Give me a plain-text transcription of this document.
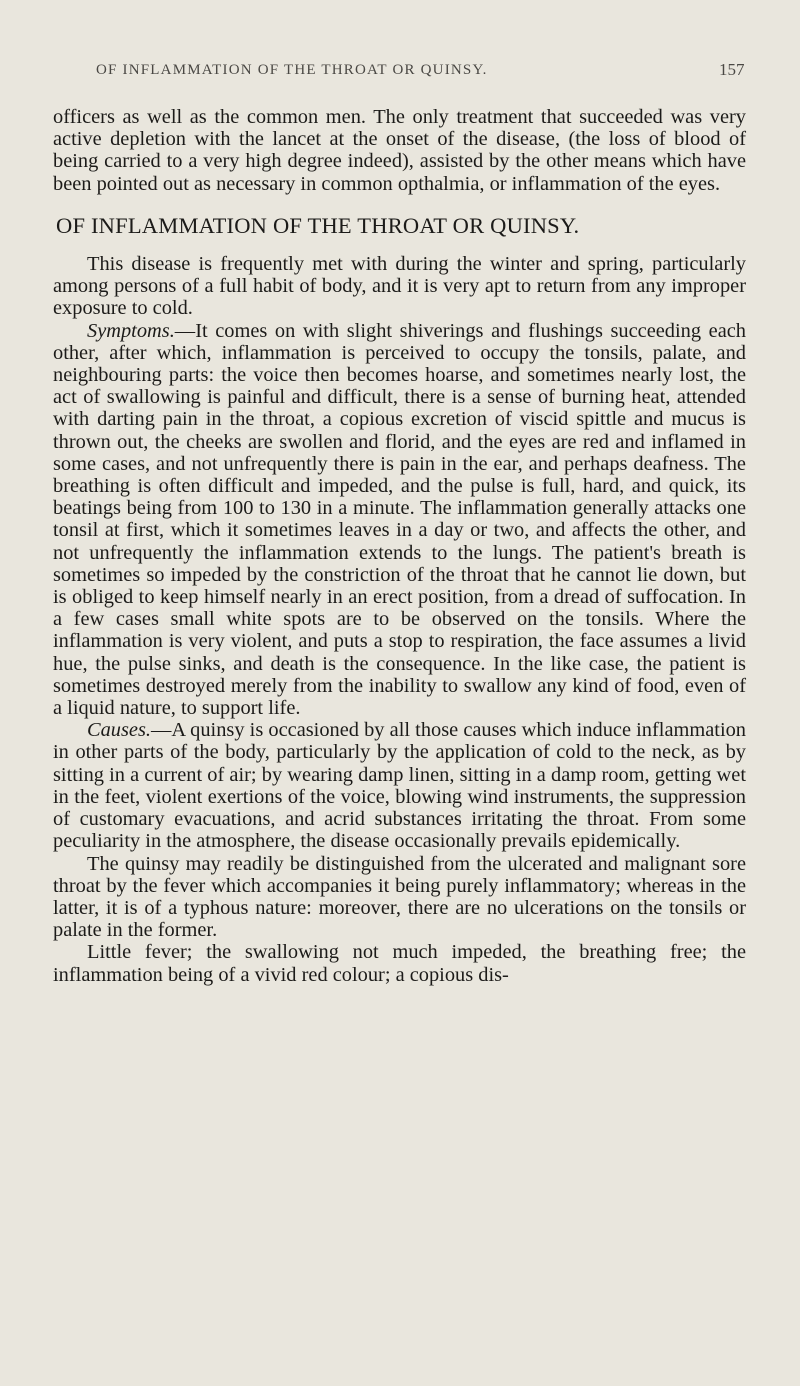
OF INFLAMMATION OF THE THROAT OR QUINSY.	157

officers as well as the common men. The only treatment that succeeded was very active depletion with the lancet at the onset of the disease, (the loss of blood of being carried to a very high degree indeed), assisted by the other means which have been pointed out as necessary in common opthalmia, or inflammation of the eyes.

OF INFLAMMATION OF THE THROAT OR QUINSY.

This disease is frequently met with during the winter and spring, particularly among persons of a full habit of body, and it is very apt to return from any improper exposure to cold.

Symptoms.—It comes on with slight shiverings and flushings succeeding each other, after which, inflammation is perceived to occupy the tonsils, palate, and neighbouring parts: the voice then becomes hoarse, and sometimes nearly lost, the act of swallowing is painful and difficult, there is a sense of burning heat, attended with darting pain in the throat, a copious excretion of viscid spittle and mucus is thrown out, the cheeks are swollen and florid, and the eyes are red and inflamed in some cases, and not unfrequently there is pain in the ear, and perhaps deafness. The breathing is often difficult and impeded, and the pulse is full, hard, and quick, its beatings being from 100 to 130 in a minute. The inflammation generally attacks one tonsil at first, which it sometimes leaves in a day or two, and affects the other, and not unfrequently the inflammation extends to the lungs. The patient's breath is sometimes so impeded by the constriction of the throat that he cannot lie down, but is obliged to keep himself nearly in an erect position, from a dread of suffocation. In a few cases small white spots are to be observed on the tonsils. Where the inflammation is very violent, and puts a stop to respiration, the face assumes a livid hue, the pulse sinks, and death is the consequence. In the like case, the patient is sometimes destroyed merely from the inability to swallow any kind of food, even of a liquid nature, to support life.

Causes.—A quinsy is occasioned by all those causes which induce inflammation in other parts of the body, particularly by the application of cold to the neck, as by sitting in a current of air; by wearing damp linen, sitting in a damp room, getting wet in the feet, violent exertions of the voice, blowing wind instruments, the suppression of customary evacuations, and acrid substances irritating the throat. From some peculiarity in the atmosphere, the disease occasionally prevails epidemically.

The quinsy may readily be distinguished from the ulcerated and malignant sore throat by the fever which accompanies it being purely inflammatory; whereas in the latter, it is of a typhous nature: moreover, there are no ulcerations on the tonsils or palate in the former.

Little fever; the swallowing not much impeded, the breathing free; the inflammation being of a vivid red colour; a copious dis-
